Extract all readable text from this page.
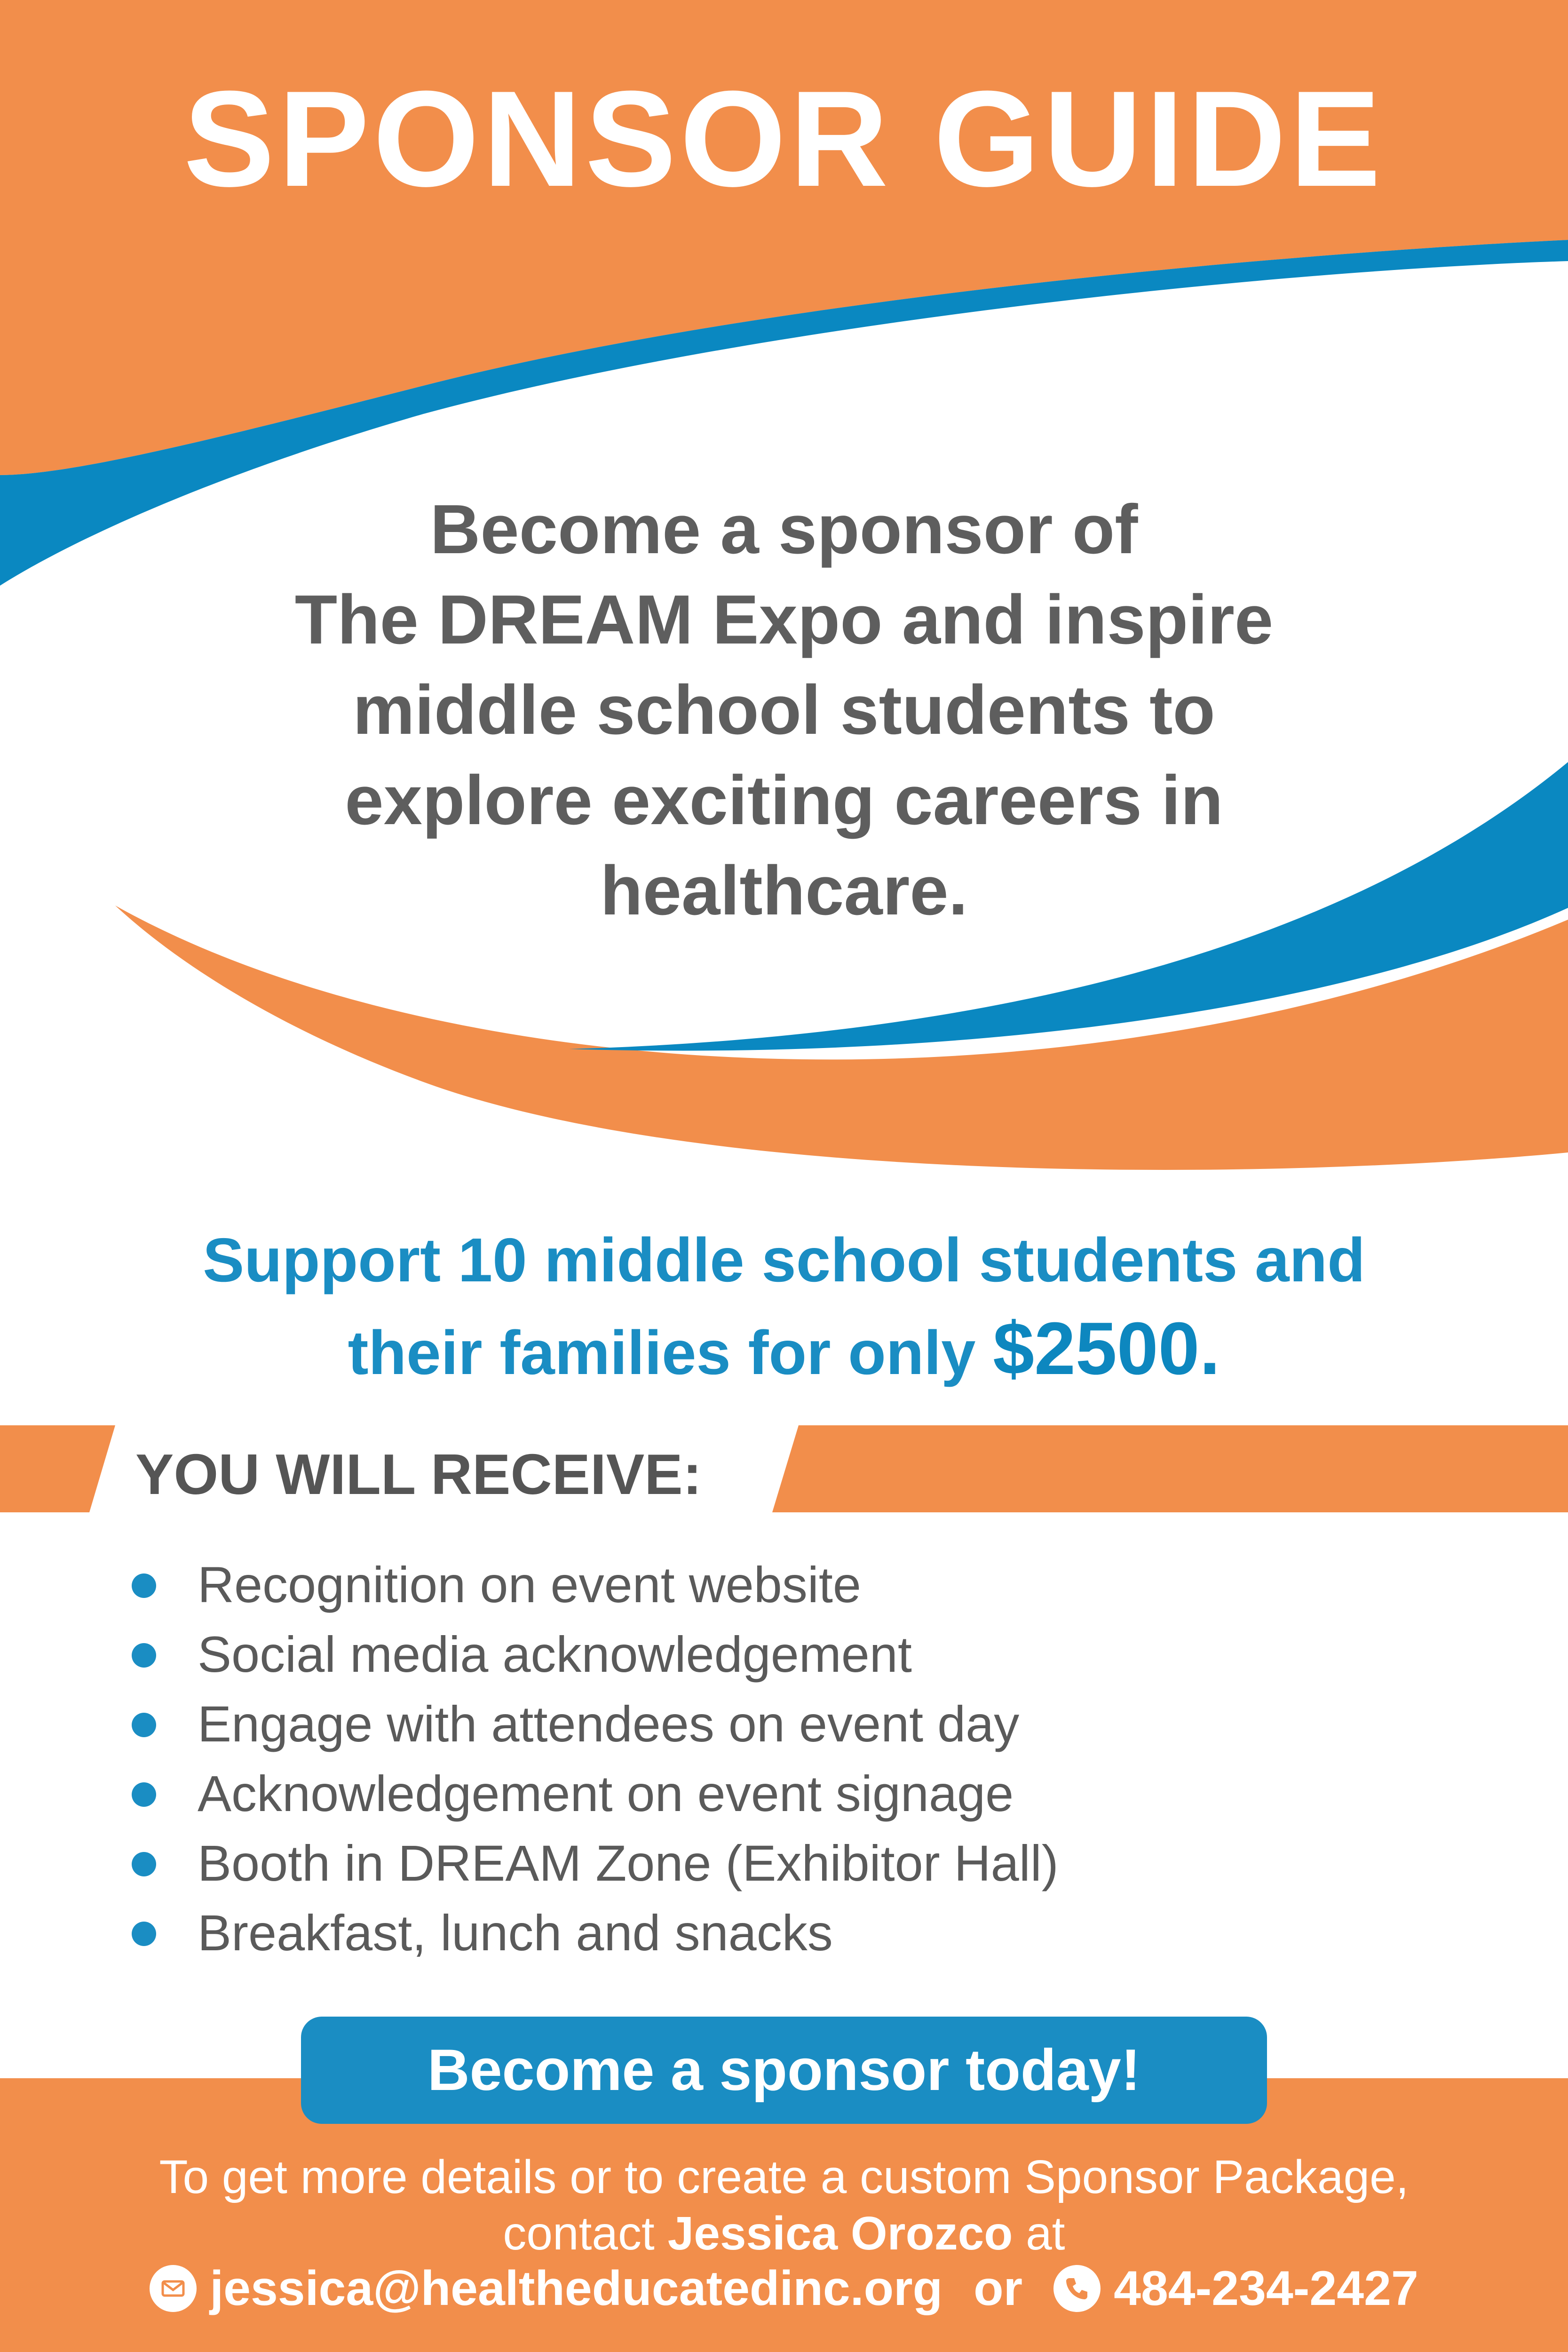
SPONSOR GUIDE
Become a sponsor of
The DREAM Expo and inspire
middle school students to
explore exciting careers in
healthcare.
Support 10 middle school students and
their families for only $2500.
YOU WILL RECEIVE:
Recognition on event website
Social media acknowledgement
Engage with attendees on event day
Acknowledgement on event signage
Booth in DREAM Zone (Exhibitor Hall)
Breakfast, lunch and snacks
Become a sponsor today!
To get more details or to create a custom Sponsor Package,
contact Jessica Orozco at
jessica@healtheducatedinc.org or 484-234-2427
